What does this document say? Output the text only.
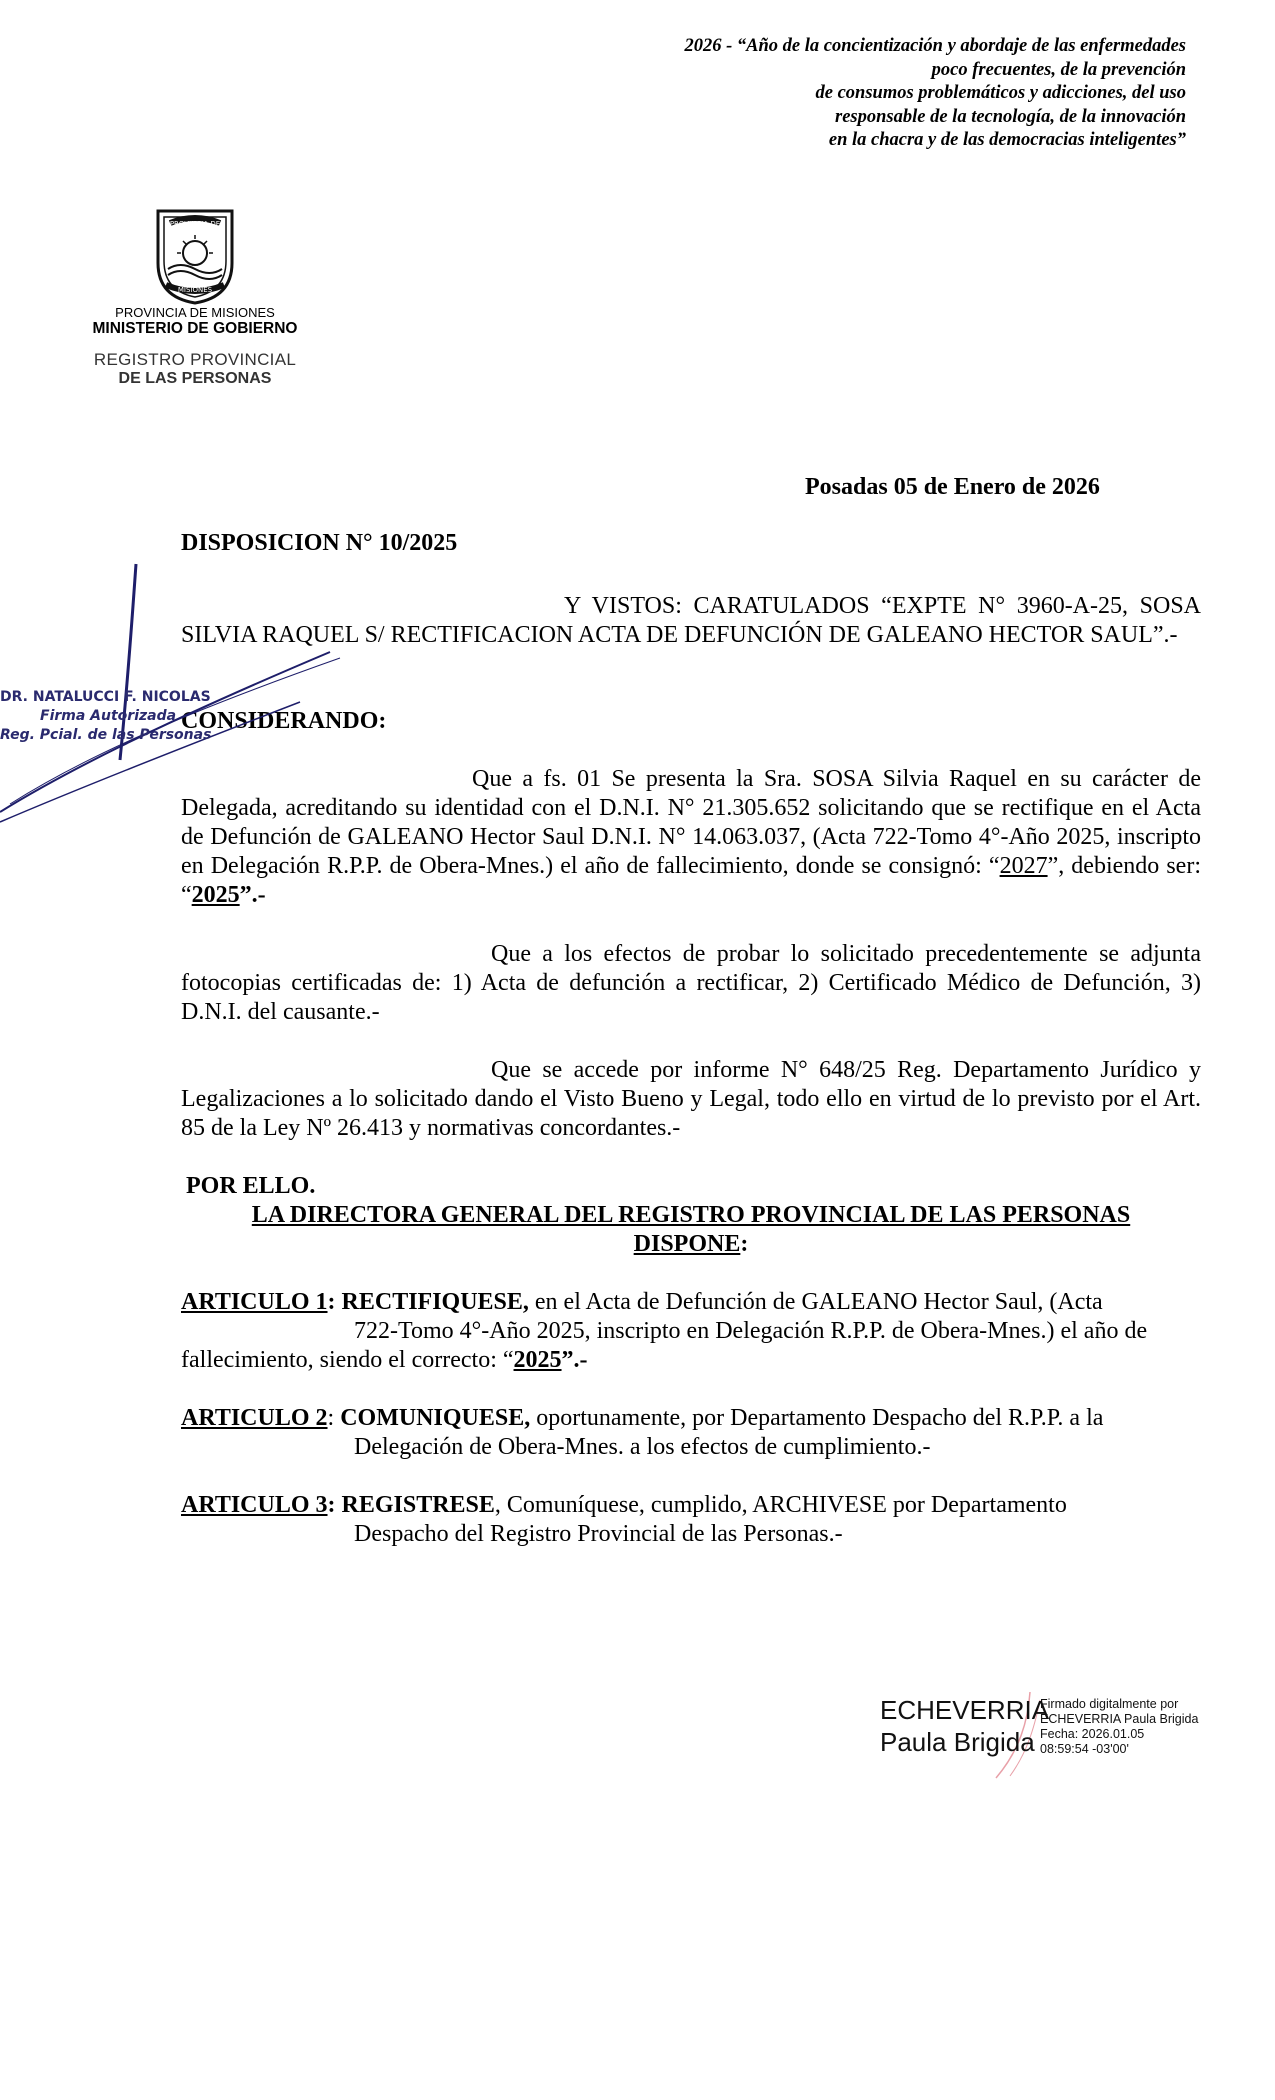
2026 - “Año de la concientización y abordaje de las enfermedades
poco frecuentes, de la prevención
de consumos problemáticos y adicciones, del uso
responsable de la tecnología, de la innovación
en la chacra y de las democracias inteligentes”
PROVINCIA DE
MISIONES
PROVINCIA DE MISIONES
MINISTERIO DE GOBIERNO
REGISTRO PROVINCIAL
DE LAS PERSONAS
Posadas 05 de Enero de 2026
DISPOSICION N° 10/2025
Y VISTOS: CARATULADOS “EXPTE N° 3960-A-25, SOSA SILVIA RAQUEL S/ RECTIFICACION ACTA DE DEFUNCIÓN DE GALEANO HECTOR SAUL”.-
CONSIDERANDO:
Que a fs. 01 Se presenta la Sra. SOSA Silvia Raquel en su carácter de Delegada, acreditando su identidad con el D.N.I. N° 21.305.652 solicitando que se rectifique en el Acta de Defunción de GALEANO Hector Saul D.N.I. N° 14.063.037, (Acta 722-Tomo 4°-Año 2025, inscripto en Delegación R.P.P. de Obera-Mnes.) el año de fallecimiento, donde se consignó: “2027”, debiendo ser: “2025”.-
Que a los efectos de probar lo solicitado precedentemente se adjunta fotocopias certificadas de: 1) Acta de defunción a rectificar, 2) Certificado Médico de Defunción, 3) D.N.I. del causante.-
Que se accede por informe N° 648/25 Reg. Departamento Jurídico y Legalizaciones a lo solicitado dando el Visto Bueno y Legal, todo ello en virtud de lo previsto por el Art. 85 de la Ley Nº 26.413 y normativas concordantes.-
POR ELLO.
LA DIRECTORA GENERAL DEL REGISTRO PROVINCIAL DE LAS PERSONAS
DISPONE:
ARTICULO 1: RECTIFIQUESE, en el Acta de Defunción de GALEANO Hector Saul, (Acta
722-Tomo 4°-Año 2025, inscripto en Delegación R.P.P. de Obera-Mnes.) el año de
fallecimiento, siendo el correcto: “2025”.-
ARTICULO 2: COMUNIQUESE, oportunamente, por Departamento Despacho del R.P.P. a la
Delegación de Obera-Mnes. a los efectos de cumplimiento.-
ARTICULO 3: REGISTRESE, Comuníquese, cumplido, ARCHIVESE por Departamento
Despacho del Registro Provincial de las Personas.-
DR. NATALUCCI F. NICOLAS
Firma Autorizada
Reg. Pcial. de las Personas
ECHEVERRIA
Paula Brigida
Firmado digitalmente por
ECHEVERRIA Paula Brigida
Fecha: 2026.01.05
08:59:54 -03'00'
